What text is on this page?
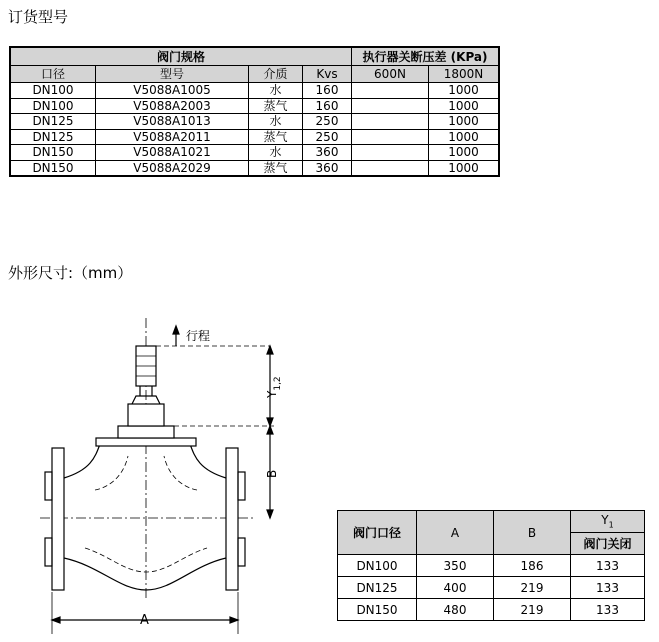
订货型号
阀门规格				执行器关断压差 (KPa)	
口径	型号	介质	Kvs	600N	1800N
DN100	V5088A1005	水	160		1000
DN100	V5088A2003	蒸气	160		1000
DN125	V5088A1013	水	250		1000
DN125	V5088A2011	蒸气	250		1000
DN150	V5088A1021	水	360		1000
DN150	V5088A2029	蒸气	360		1000
外形尺寸:（mm）
行程
$Y_{1,2}$
B
A
阀门口径	A	B	$Y_1$
			阀门关闭
DN100	350	186	133
DN125	400	219	133
DN150	480	219	133
